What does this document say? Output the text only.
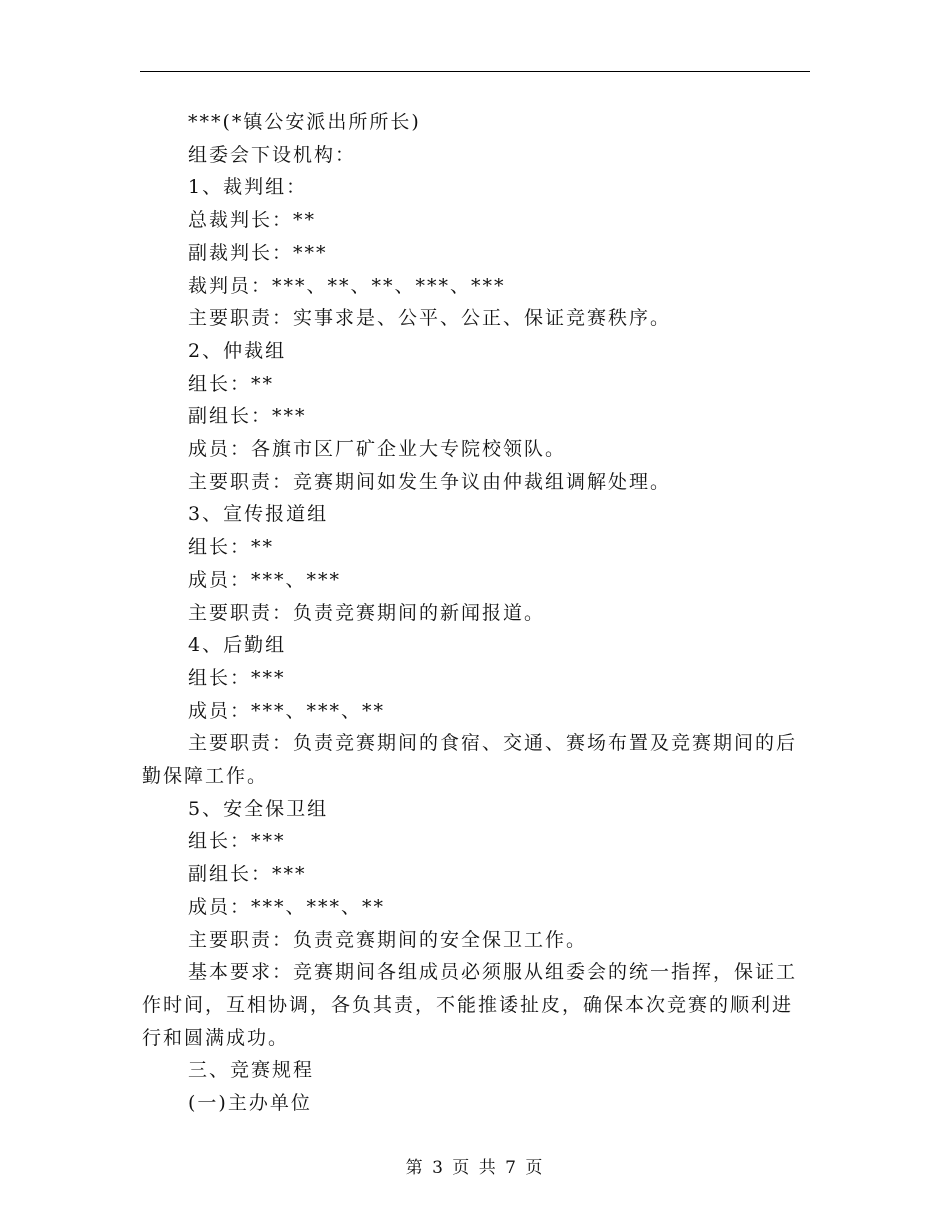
***(*镇公安派出所所长)

组委会下设机构：

1、裁判组：

总裁判长：**

副裁判长：***

裁判员：***、**、**、***、***

主要职责：实事求是、公平、公正、保证竞赛秩序。

2、仲裁组

组长：**

副组长：***

成员：各旗市区厂矿企业大专院校领队。

主要职责：竞赛期间如发生争议由仲裁组调解处理。

3、宣传报道组

组长：**

成员：***、***

主要职责：负责竞赛期间的新闻报道。

4、后勤组

组长：***

成员：***、***、**

主要职责：负责竞赛期间的食宿、交通、赛场布置及竞赛期间的后勤保障工作。

5、安全保卫组

组长：***

副组长：***

成员：***、***、**

主要职责：负责竞赛期间的安全保卫工作。

基本要求：竞赛期间各组成员必须服从组委会的统一指挥，保证工作时间，互相协调，各负其责，不能推诿扯皮，确保本次竞赛的顺利进行和圆满成功。

三、竞赛规程

(一)主办单位

第 3 页 共 7 页
